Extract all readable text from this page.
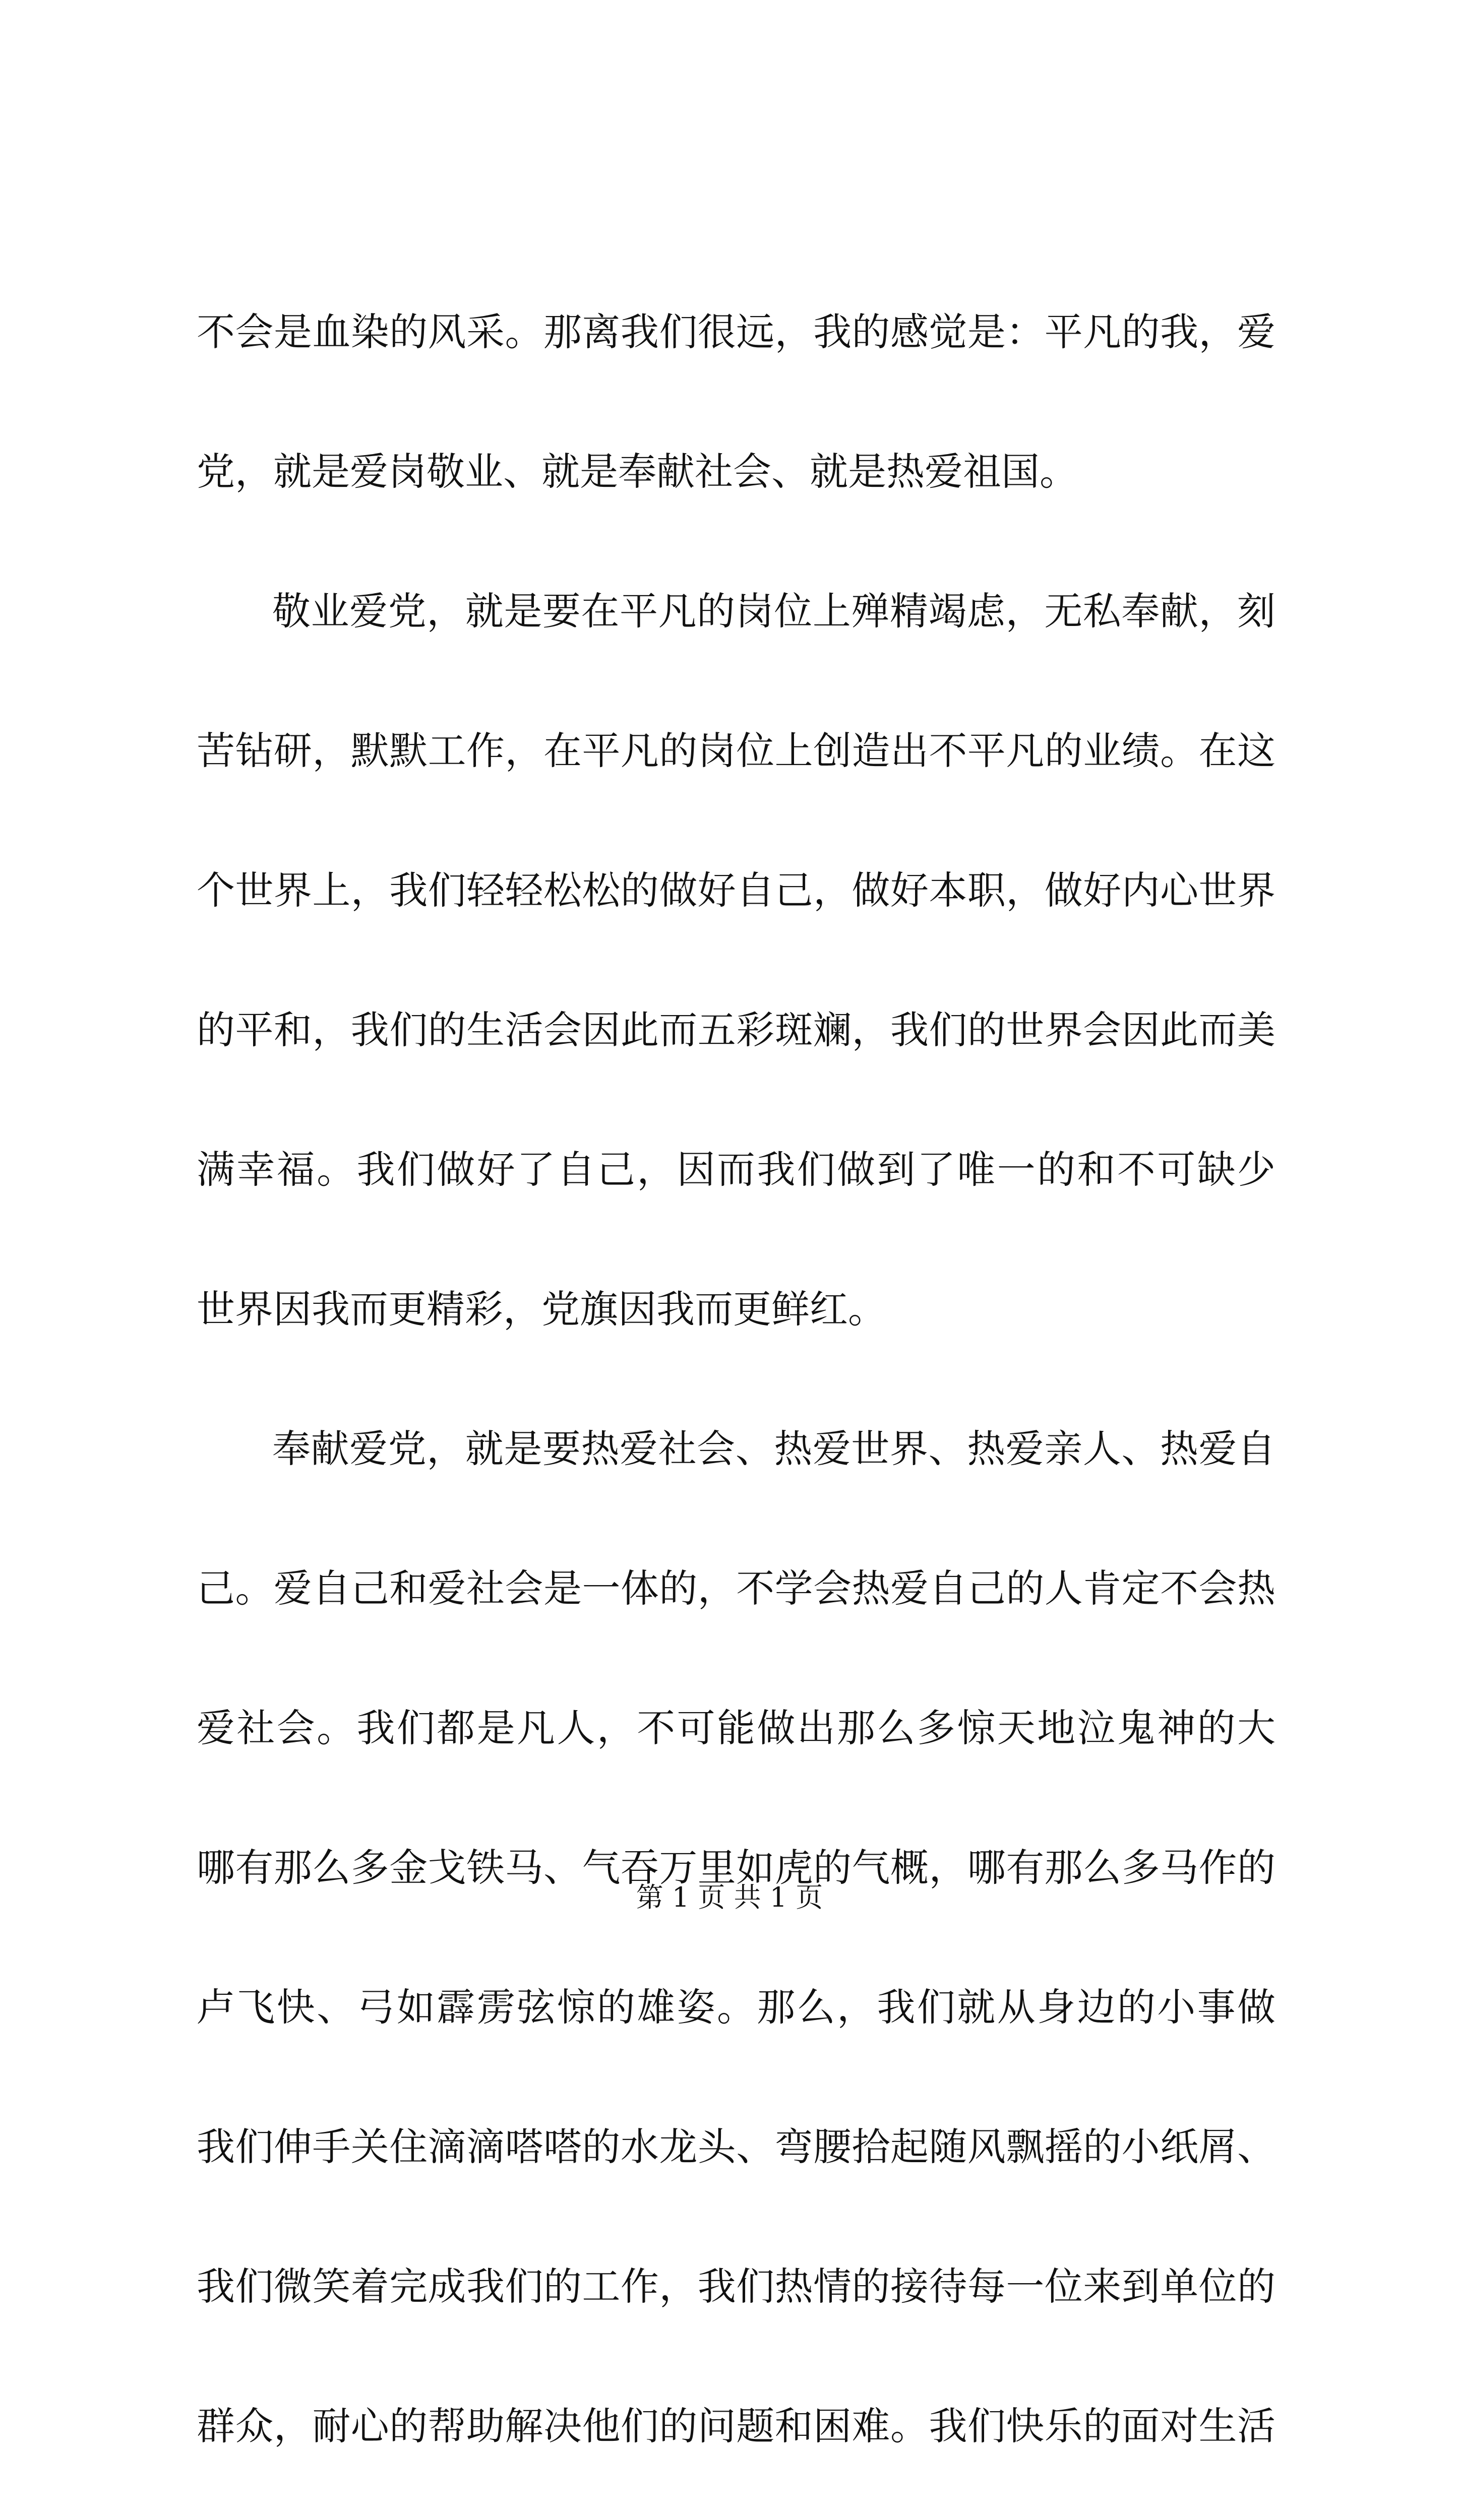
不会是血染的风采。那离我们很远，我的感觉是：平凡的我，爱
党，就是爱岗敬业、就是奉献社会、就是热爱祖国。
敬业爱党，就是要在平凡的岗位上殚精竭虑，无私奉献，刻
苦钻研，默默工作，在平凡的岗位上创造出不平凡的业绩。在这
个世界上，我们轻轻松松的做好自己，做好本职，做好内心世界
的平和，我们的生活会因此而五彩斑斓，我们的世界会因此而美
满幸福。我们做好了自己，因而我们做到了唯一的和不可缺少
世界因我而更精彩，党旗因我而更鲜红。
奉献爱党，就是要热爱社会、热爱世界、热爱亲人、热爱自
己。爱自己和爱社会是一体的，不学会热爱自己的人肯定不会热
爱社会。我们都是凡人，不可能做出那么多惊天地泣鬼神的大
哪有那么多金戈铁马、气吞万里如虎的气概，哪有那么多马作的
卢飞快、弓如霹雳弦惊的雄姿。那么，我们就从身边的小事做
我们伸手关住滴滴嗒嗒的水龙头、弯腰拾起随风飘摇的小纸屑、
我们微笑着完成我们的工作，我们热情的接待每一位来到单位的
群众，耐心的帮助解决他们的问题和困难。我们快乐的面对生活
第 1 页 共 1 页
